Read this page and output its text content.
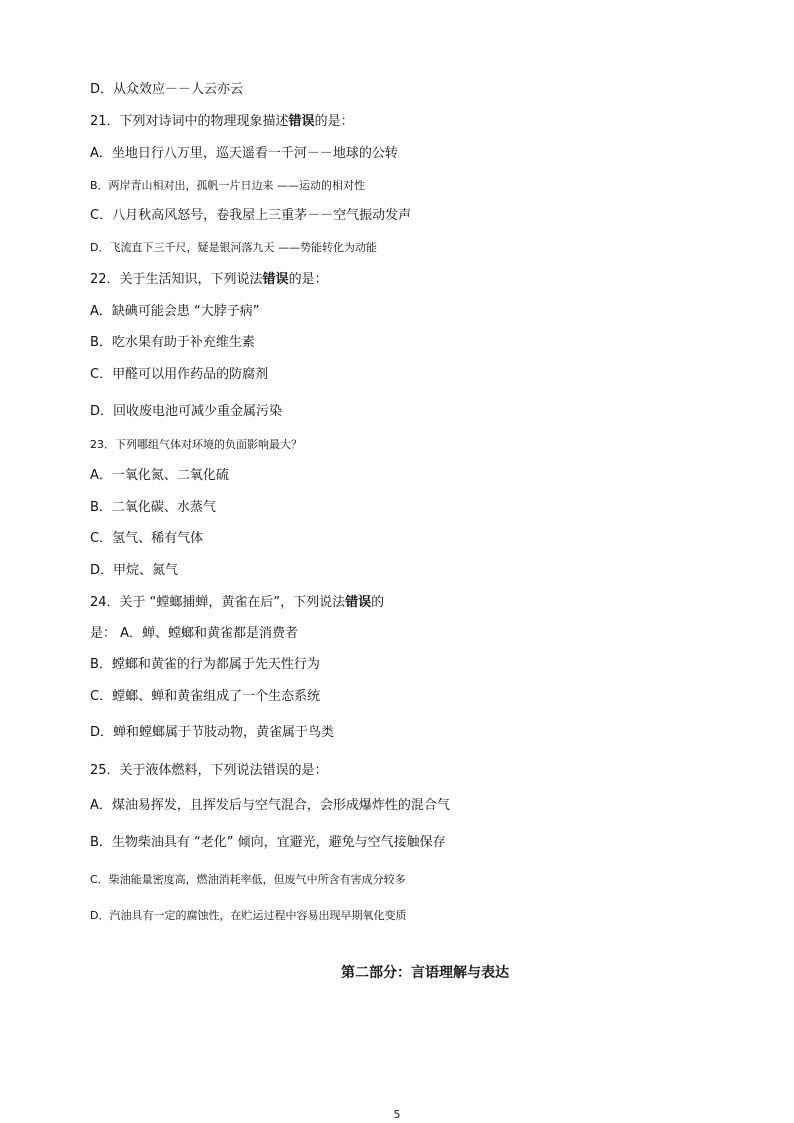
D．从众效应－－人云亦云
21．下列对诗词中的物理现象描述错误的是：
A．坐地日行八万里，巡天遥看一千河－－地球的公转
B．两岸青山相对出，孤帆一片日边来 ——运动的相对性
C．八月秋高风怒号，卷我屋上三重茅－－空气振动发声
D．飞流直下三千尺，疑是银河落九天 ——势能转化为动能
22．关于生活知识，下列说法错误的是：
A．缺碘可能会患 “大脖子病”
B．吃水果有助于补充维生素
C．甲醛可以用作药品的防腐剂
D．回收废电池可减少重金属污染
23．下列哪组气体对环境的负面影响最大？
A．一氧化氮、二氧化硫
B．二氧化碳、水蒸气
C．氢气、稀有气体
D．甲烷、氮气
24．关于 “螳螂捕蝉，黄雀在后”，下列说法错误的
是： A．蝉、螳螂和黄雀都是消费者
B．螳螂和黄雀的行为都属于先天性行为
C．螳螂、蝉和黄雀组成了一个生态系统
D．蝉和螳螂属于节肢动物，黄雀属于鸟类
25．关于液体燃料，下列说法错误的是：
A．煤油易挥发，且挥发后与空气混合，会形成爆炸性的混合气
B．生物柴油具有 “老化” 倾向，宜避光，避免与空气接触保存
C．柴油能量密度高，燃油消耗率低，但废气中所含有害成分较多
D．汽油具有一定的腐蚀性，在贮运过程中容易出现早期氧化变质
第二部分：言语理解与表达
5
